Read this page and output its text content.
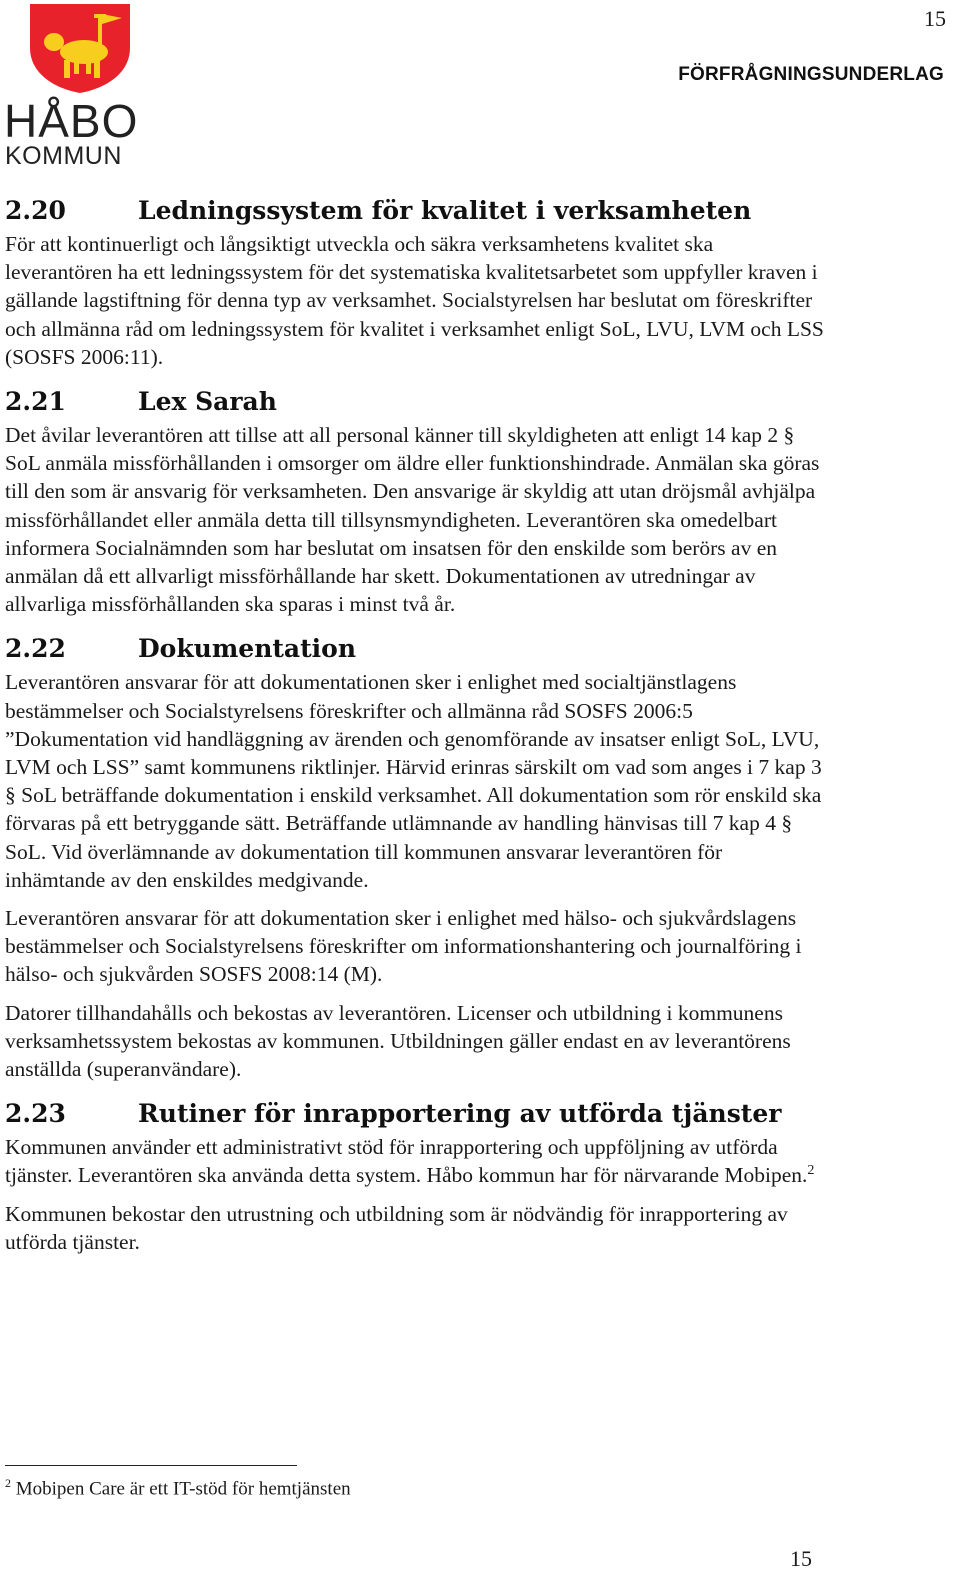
15
FÖRFRÅGNINGSUNDERLAG
HÅBO
KOMMUN
2.20	Ledningssystem för kvalitet i verksamheten

För att kontinuerligt och långsiktigt utveckla och säkra verksamhetens kvalitet ska leverantören ha ett ledningssystem för det systematiska kvalitetsarbetet som uppfyller kraven i gällande lagstiftning för denna typ av verksamhet. Socialstyrelsen har beslutat om föreskrifter och allmänna råd om ledningssystem för kvalitet i verksamhet enligt SoL, LVU, LVM och LSS (SOSFS 2006:11).

2.21	Lex Sarah

Det åvilar leverantören att tillse att all personal känner till skyldigheten att enligt 14 kap 2 § SoL anmäla missförhållanden i omsorger om äldre eller funktionshindrade. Anmälan ska göras till den som är ansvarig för verksamheten. Den ansvarige är skyldig att utan dröjsmål avhjälpa missförhållandet eller anmäla detta till tillsynsmyndigheten. Leverantören ska omedelbart informera Socialnämnden som har beslutat om insatsen för den enskilde som berörs av en anmälan då ett allvarligt missförhållande har skett. Dokumentationen av utredningar av allvarliga missförhållanden ska sparas i minst två år.

2.22	Dokumentation

Leverantören ansvarar för att dokumentationen sker i enlighet med socialtjänstlagens bestämmelser och Socialstyrelsens föreskrifter och allmänna råd SOSFS 2006:5 ”Dokumentation vid handläggning av ärenden och genomförande av insatser enligt SoL, LVU, LVM och LSS” samt kommunens riktlinjer. Härvid erinras särskilt om vad som anges i 7 kap 3 § SoL beträffande dokumentation i enskild verksamhet. All dokumentation som rör enskild ska förvaras på ett betryggande sätt. Beträffande utlämnande av handling hänvisas till 7 kap 4 § SoL. Vid överlämnande av dokumentation till kommunen ansvarar leverantören för inhämtande av den enskildes medgivande.

Leverantören ansvarar för att dokumentation sker i enlighet med hälso- och sjukvårdslagens bestämmelser och Socialstyrelsens föreskrifter om informationshantering och journalföring i hälso- och sjukvården SOSFS 2008:14 (M).

Datorer tillhandahålls och bekostas av leverantören. Licenser och utbildning i kommunens verksamhetssystem bekostas av kommunen. Utbildningen gäller endast en av leverantörens anställda (superanvändare).

2.23	Rutiner för inrapportering av utförda tjänster

Kommunen använder ett administrativt stöd för inrapportering och uppföljning av utförda tjänster. Leverantören ska använda detta system. Håbo kommun har för närvarande Mobipen.$^2$

Kommunen bekostar den utrustning och utbildning som är nödvändig för inrapportering av utförda tjänster.

$^2$ Mobipen Care är ett IT-stöd för hemtjänsten
15
